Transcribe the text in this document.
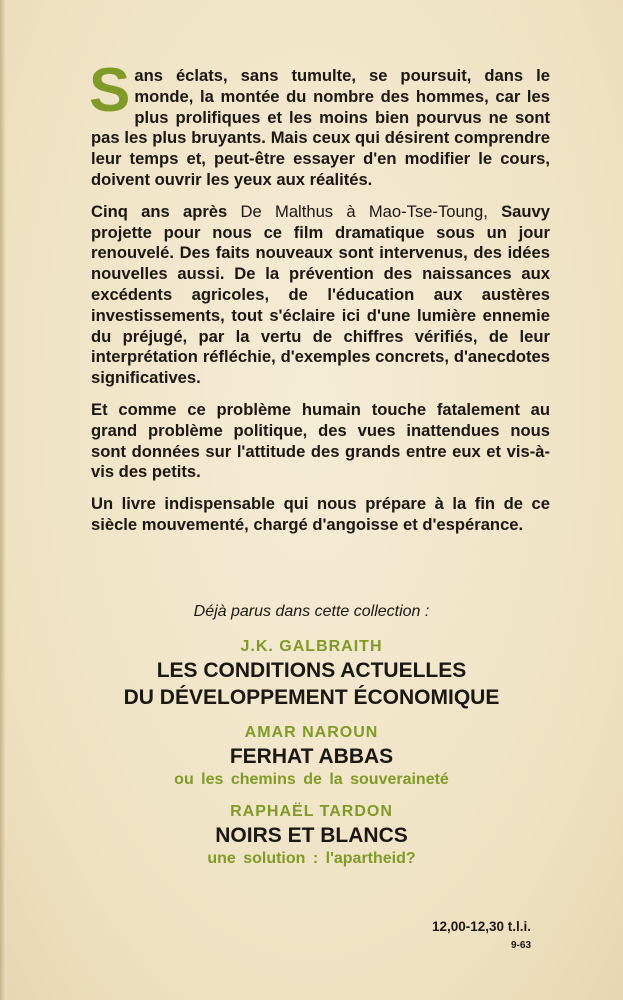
Sans éclats, sans tumulte, se poursuit, dans le monde, la montée du nombre des hommes, car les plus prolifiques et les moins bien pourvus ne sont pas les plus bruyants. Mais ceux qui désirent comprendre leur temps et, peut-être essayer d'en modifier le cours, doivent ouvrir les yeux aux réalités.

Cinq ans après De Malthus à Mao-Tse-Toung, Sauvy projette pour nous ce film dramatique sous un jour renouvelé. Des faits nouveaux sont intervenus, des idées nouvelles aussi. De la prévention des naissances aux excédents agricoles, de l'éducation aux austères investissements, tout s'éclaire ici d'une lumière ennemie du préjugé, par la vertu de chiffres vérifiés, de leur interprétation réfléchie, d'exemples concrets, d'anecdotes significatives.

Et comme ce problème humain touche fatalement au grand problème politique, des vues inattendues nous sont données sur l'attitude des grands entre eux et vis-à-vis des petits.

Un livre indispensable qui nous prépare à la fin de ce siècle mouvementé, chargé d'angoisse et d'espérance.

Déjà parus dans cette collection :

J.K. GALBRAITH

LES CONDITIONS ACTUELLES

DU DÉVELOPPEMENT ÉCONOMIQUE

AMAR NAROUN

FERHAT ABBAS

ou les chemins de la souveraineté

RAPHAËL TARDON

NOIRS ET BLANCS

une solution : l'apartheid?

12,00-12,30 t.l.i.
9-63
